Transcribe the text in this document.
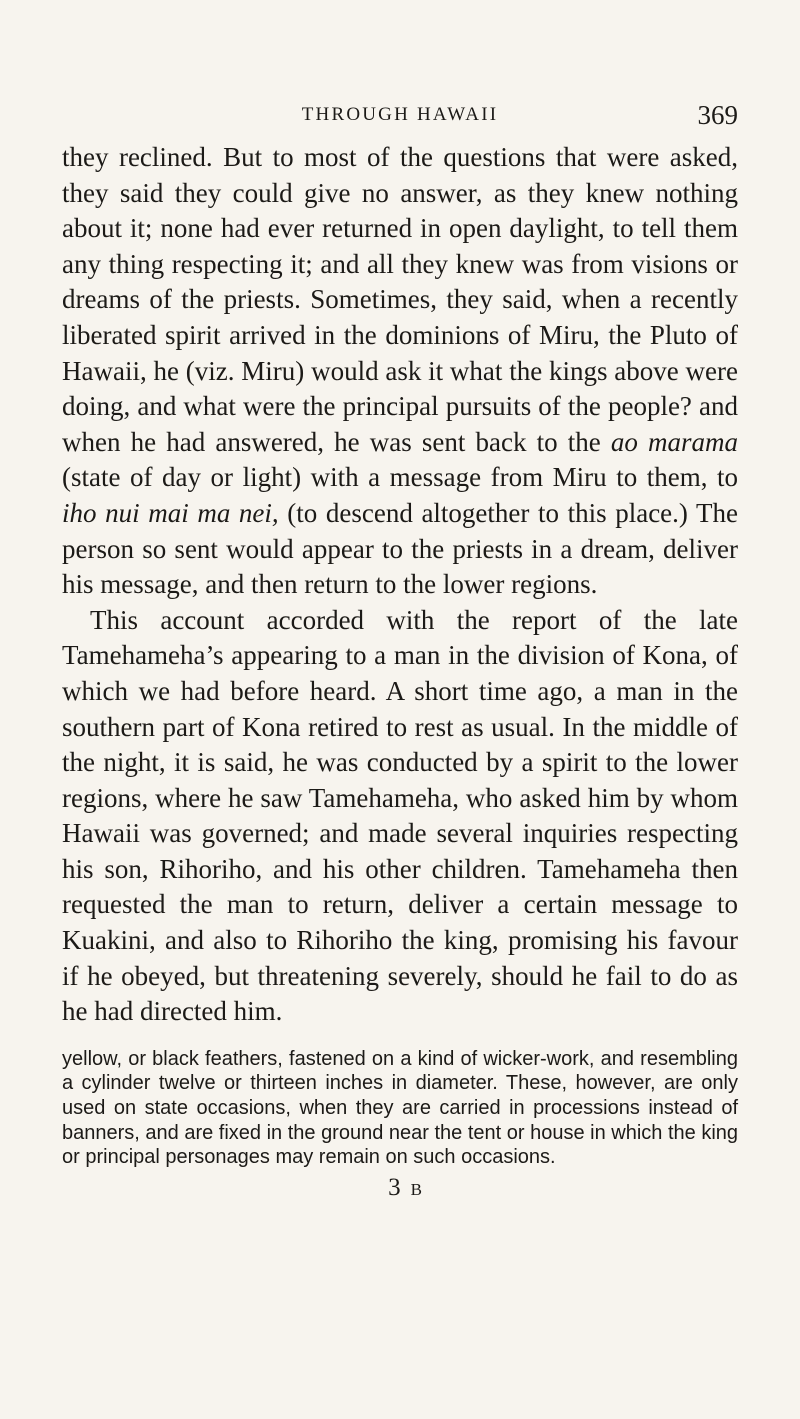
THROUGH HAWAII	369

they reclined. But to most of the questions that were asked, they said they could give no answer, as they knew nothing about it; none had ever returned in open daylight, to tell them any thing respecting it; and all they knew was from visions or dreams of the priests. Sometimes, they said, when a recently liberated spirit arrived in the dominions of Miru, the Pluto of Hawaii, he (viz. Miru) would ask it what the kings above were doing, and what were the principal pursuits of the people? and when he had answered, he was sent back to the ao marama (state of day or light) with a message from Miru to them, to iho nui mai ma nei, (to descend altogether to this place.) The person so sent would appear to the priests in a dream, deliver his message, and then return to the lower regions.

This account accorded with the report of the late Tamehameha’s appearing to a man in the division of Kona, of which we had before heard. A short time ago, a man in the southern part of Kona retired to rest as usual. In the middle of the night, it is said, he was conducted by a spirit to the lower regions, where he saw Tamehameha, who asked him by whom Hawaii was governed; and made several inquiries respecting his son, Rihoriho, and his other children. Tamehameha then requested the man to return, deliver a certain message to Kuakini, and also to Rihoriho the king, promising his favour if he obeyed, but threatening severely, should he fail to do as he had directed him.

yellow, or black feathers, fastened on a kind of wicker-work, and resembling a cylinder twelve or thirteen inches in diameter. These, however, are only used on state occasions, when they are carried in processions instead of banners, and are fixed in the ground near the tent or house in which the king or principal personages may remain on such occasions.
3B
